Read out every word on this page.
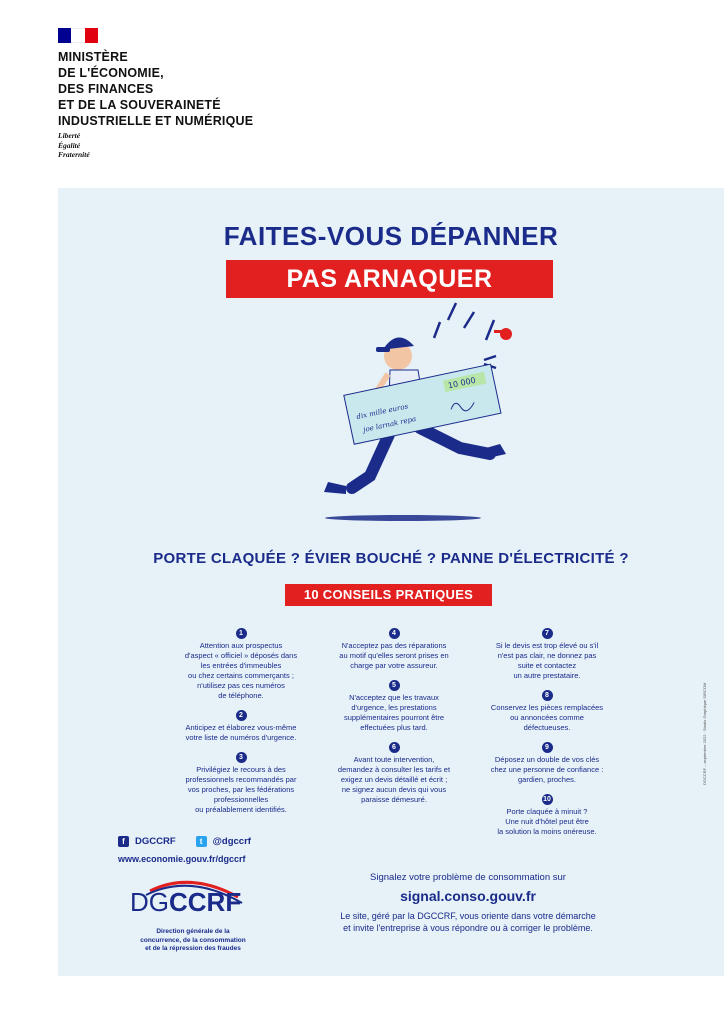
MINISTÈRE
DE L'ÉCONOMIE,
DES FINANCES
ET DE LA SOUVERAINETÉ
INDUSTRIELLE ET NUMÉRIQUE
Liberté
Égalité
Fraternité
FAITES-VOUS DÉPANNER
PAS ARNAQUER
10 000
dix mille euros
joe larnak repa
PORTE CLAQUÉE ? ÉVIER BOUCHÉ ? PANNE D'ÉLECTRICITÉ ?
10 CONSEILS PRATIQUES
1
Attention aux prospectus
d'aspect « officiel » déposés dans
les entrées d'immeubles
ou chez certains commerçants ;
n'utilisez pas ces numéros
de téléphone.
2
Anticipez et élaborez vous-même
votre liste de numéros d'urgence.
3
Privilégiez le recours à des
professionnels recommandés par
vos proches, par les fédérations
professionnelles
ou préalablement identifiés.
4
N'acceptez pas des réparations
au motif qu'elles seront prises en
charge par votre assureur.
5
N'acceptez que les travaux
d'urgence, les prestations
supplémentaires pourront être
effectuées plus tard.
6
Avant toute intervention,
demandez à consulter les tarifs et
exigez un devis détaillé et écrit ;
ne signez aucun devis qui vous
paraisse démesuré.
7
Si le devis est trop élevé ou s'il
n'est pas clair, ne donnez pas
suite et contactez
un autre prestataire.
8
Conservez les pièces remplacées
ou annoncées comme
défectueuses.
9
Déposez un double de vos clés
chez une personne de confiance :
gardien, proches.
10
Porte claquée à minuit ?
Une nuit d'hôtel peut être
la solution la moins onéreuse.
f	DGCCRF	t	@dgccrf
www.economie.gouv.fr/dgccrf
DGCCRF
Direction générale de la
concurrence, de la consommation
et de la répression des fraudes
Signalez votre problème de consommation sur
signal.conso.gouv.fr
Le site, géré par la DGCCRF, vous oriente dans votre démarche
et invite l'entreprise à vous répondre ou à corriger le problème.
DGCCRF – septembre 2022 · Studio Graphique SIRCOM
